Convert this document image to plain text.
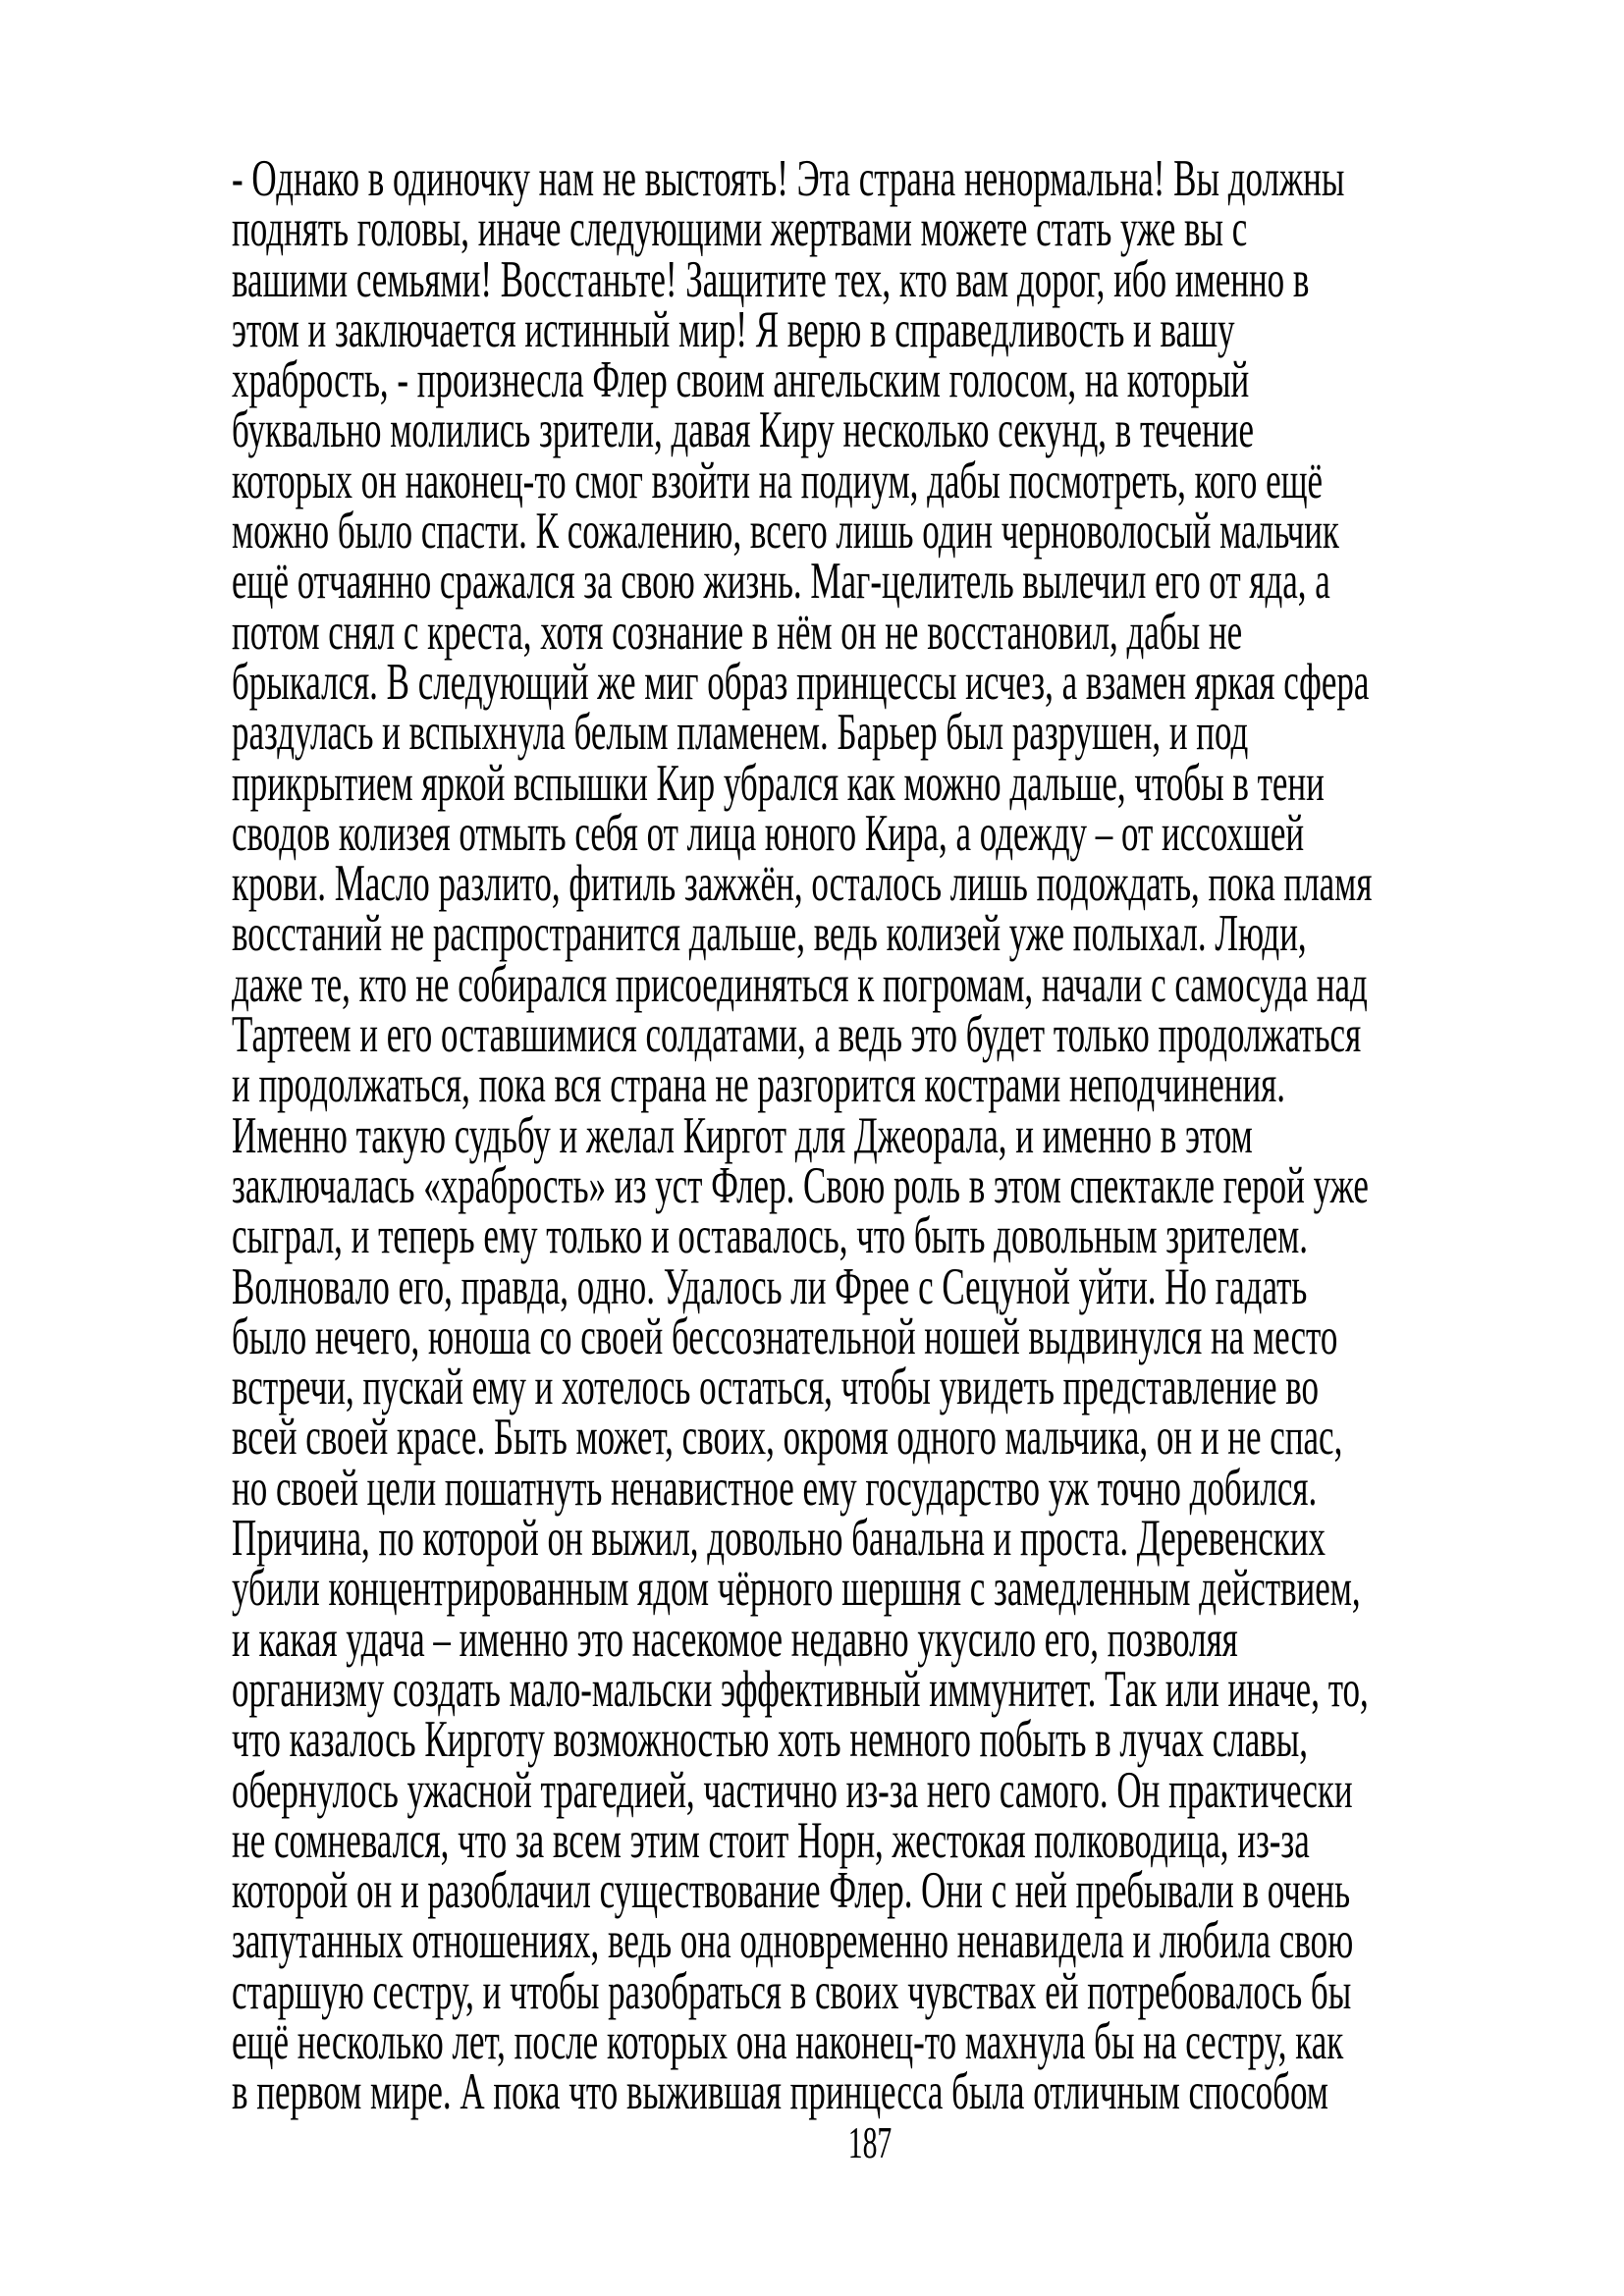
- Однако в одиночку нам не выстоять! Эта страна ненормальна! Вы должны
поднять головы, иначе следующими жертвами можете стать уже вы с
вашими семьями! Восстаньте! Защитите тех, кто вам дорог, ибо именно в
этом и заключается истинный мир! Я верю в справедливость и вашу
храбрость, - произнесла Флер своим ангельским голосом, на который
буквально молились зрители, давая Киру несколько секунд, в течение
которых он наконец-то смог взойти на подиум, дабы посмотреть, кого ещё
можно было спасти. К сожалению, всего лишь один черноволосый мальчик
ещё отчаянно сражался за свою жизнь. Маг-целитель вылечил его от яда, а
потом снял с креста, хотя сознание в нём он не восстановил, дабы не
брыкался. В следующий же миг образ принцессы исчез, а взамен яркая сфера
раздулась и вспыхнула белым пламенем. Барьер был разрушен, и под
прикрытием яркой вспышки Кир убрался как можно дальше, чтобы в тени
сводов колизея отмыть себя от лица юного Кира, а одежду – от иссохшей
крови. Масло разлито, фитиль зажжён, осталось лишь подождать, пока пламя
восстаний не распространится дальше, ведь колизей уже полыхал. Люди,
даже те, кто не собирался присоединяться к погромам, начали с самосуда над
Тартеем и его оставшимися солдатами, а ведь это будет только продолжаться
и продолжаться, пока вся страна не разгорится кострами неподчинения.
Именно такую судьбу и желал Киргот для Джеорала, и именно в этом
заключалась «храбрость» из уст Флер. Свою роль в этом спектакле герой уже
сыграл, и теперь ему только и оставалось, что быть довольным зрителем.
Волновало его, правда, одно. Удалось ли Фрее с Сецуной уйти. Но гадать
было нечего, юноша со своей бессознательной ношей выдвинулся на место
встречи, пускай ему и хотелось остаться, чтобы увидеть представление во
всей своей красе. Быть может, своих, окромя одного мальчика, он и не спас,
но своей цели пошатнуть ненавистное ему государство уж точно добился.
Причина, по которой он выжил, довольно банальна и проста. Деревенских
убили концентрированным ядом чёрного шершня с замедленным действием,
и какая удача – именно это насекомое недавно укусило его, позволяя
организму создать мало-мальски эффективный иммунитет. Так или иначе, то,
что казалось Кирготу возможностью хоть немного побыть в лучах славы,
обернулось ужасной трагедией, частично из-за него самого. Он практически
не сомневался, что за всем этим стоит Норн, жестокая полководица, из-за
которой он и разоблачил существование Флер. Они с ней пребывали в очень
запутанных отношениях, ведь она одновременно ненавидела и любила свою
старшую сестру, и чтобы разобраться в своих чувствах ей потребовалось бы
ещё несколько лет, после которых она наконец-то махнула бы на сестру, как
в первом мире. А пока что выжившая принцесса была отличным способом
187
